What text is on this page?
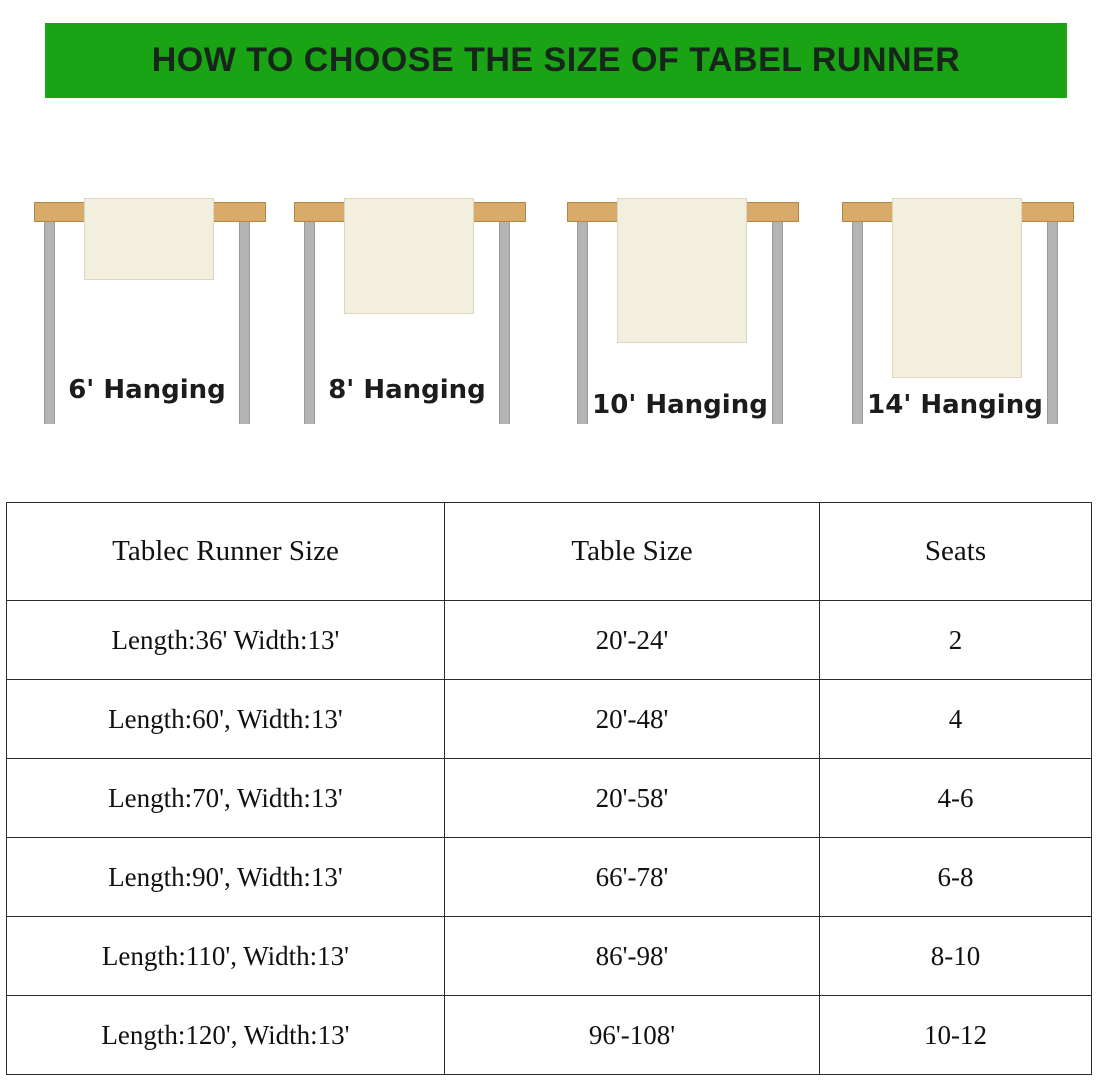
HOW TO CHOOSE THE SIZE OF TABEL RUNNER
6' Hanging	8' Hanging	10' Hanging	14' Hanging
Tablec Runner Size	Table Size	Seats
Length:36' Width:13'	20'-24'	2
Length:60', Width:13'	20'-48'	4
Length:70', Width:13'	20'-58'	4-6
Length:90', Width:13'	66'-78'	6-8
Length:110', Width:13'	86'-98'	8-10
Length:120', Width:13'	96'-108'	10-12
